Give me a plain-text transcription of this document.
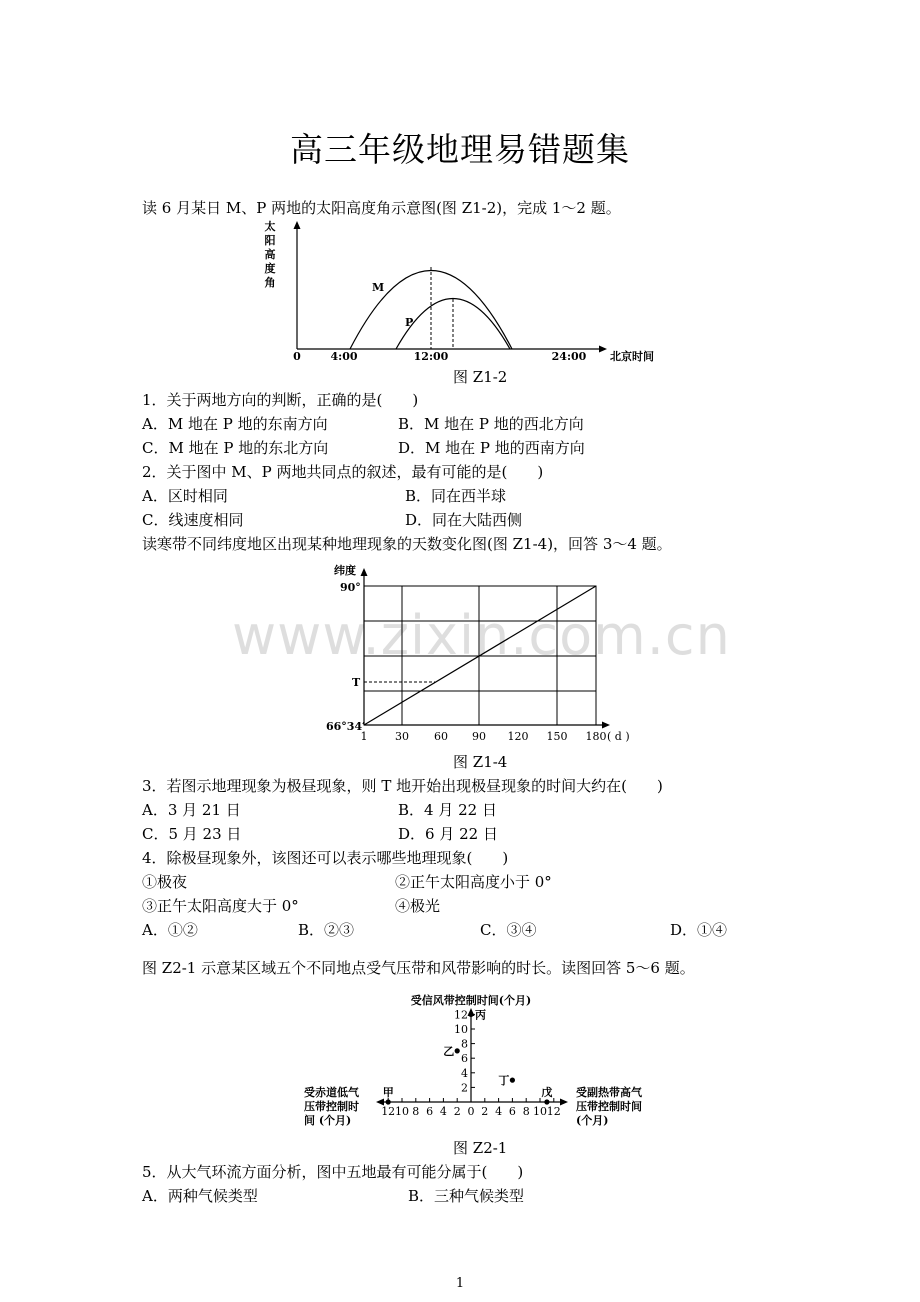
高三年级地理易错题集
读 6 月某日 M、P 两地的太阳高度角示意图(图 Z1-2)，完成 1～2 题。
太
阳
高
度
角	M
P
0	4:00	12:00	24:00 北京时间
图 Z1-2
1．关于两地方向的判断，正确的是(　　)
A．M 地在 P 地的东南方向	B．M 地在 P 地的西北方向
C．M 地在 P 地的东北方向	D．M 地在 P 地的西南方向
2．关于图中 M、P 两地共同点的叙述，最有可能的是(　　)
A．区时相同	B．同在西半球
C．线速度相同	D．同在大陆西侧
读寒带不同纬度地区出现某种地理现象的天数变化图(图 Z1-4)，回答 3～4 题。
纬度
90°
T
66°34′
1	30 60 90 120 150 180 ( d )
图 Z1-4
www.zixin.com.cn
3．若图示地理现象为极昼现象，则 T 地开始出现极昼现象的时间大约在(　　)
A．3 月 21 日	B．4 月 22 日
C．5 月 23 日	D．6 月 22 日
4．除极昼现象外，该图还可以表示哪些地理现象(　　)
①极夜	②正午太阳高度小于 0°
③正午太阳高度大于 0°	④极光
A．①②	B．②③	C．③④	D．①④
图 Z2-1 示意某区域五个不同地点受气压带和风带影响的时长。读图回答 5～6 题。
受信风带控制时间(个月)
12
10
8
6
4
2
12 10 8 6 4 2 0 2 4 6 8 10 12
受赤道低气
压带控制时
间 (个月)
受副热带高气
压带控制时间
(个月)
甲
乙
丙
丁
戊
图 Z2-1
5．从大气环流方面分析，图中五地最有可能分属于(　　)
A．两种气候类型	B．三种气候类型
1
